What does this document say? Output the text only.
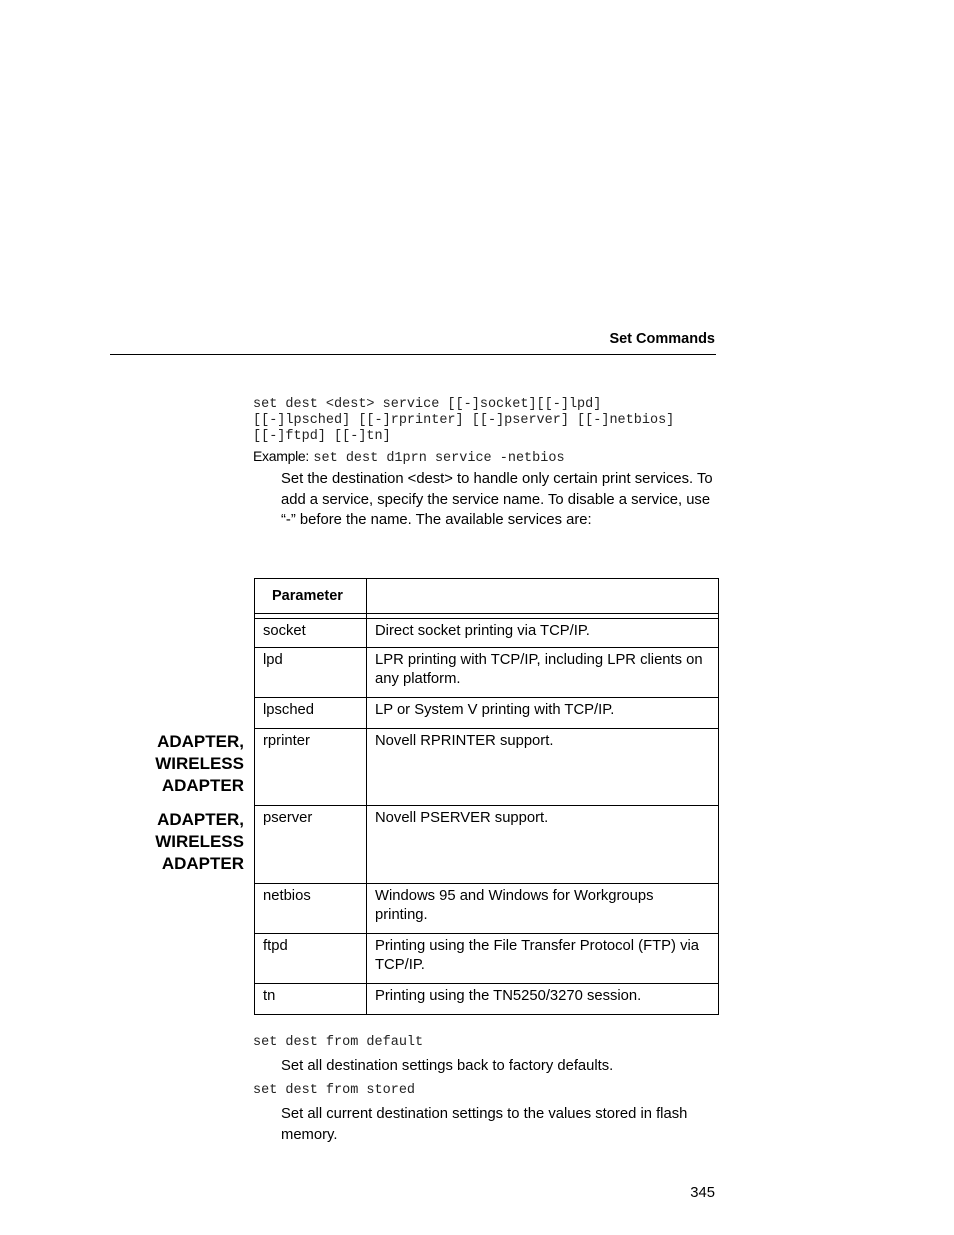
Set Commands
set dest <dest> service [[-]socket][[-]lpd]
[[-]lpsched] [[-]rprinter] [[-]pserver] [[-]netbios]
[[-]ftpd] [[-]tn]
Example: set dest d1prn service -netbios
Set the destination <dest> to handle only certain print services. To add a service, specify the service name. To disable a service, use “-” before the name. The available services are:
ADAPTER,
WIRELESS
ADAPTER
ADAPTER,
WIRELESS
ADAPTER
Parameter	

socket	Direct socket printing via TCP/IP.

lpd	LPR printing with TCP/IP, including LPR clients on any platform.

lpsched	LP or System V printing with TCP/IP.

rprinter	Novell RPRINTER support.

pserver	Novell PSERVER support.

netbios	Windows 95 and Windows for Workgroups printing.

ftpd	Printing using the File Transfer Protocol (FTP) via TCP/IP.

tn	Printing using the TN5250/3270 session.
set dest from default
Set all destination settings back to factory defaults.
set dest from stored
Set all current destination settings to the values stored in flash memory.
345
